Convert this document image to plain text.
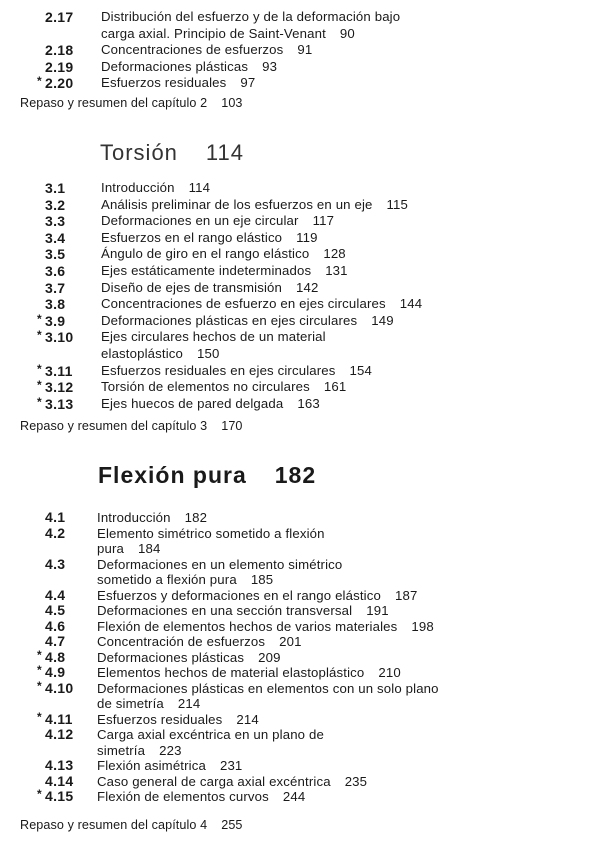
2.17 Distribución del esfuerzo y de la deformación bajo
carga axial. Principio de Saint-Venant 90
2.18 Concentraciones de esfuerzos 91
2.19 Deformaciones plásticas 93
* 2.20 Esfuerzos residuales 97
Repaso y resumen del capítulo 2 103
Torsión 114
3.1	Introducción 114
3.2	Análisis preliminar de los esfuerzos en un eje 115
3.3	Deformaciones en un eje circular 117
3.4	Esfuerzos en el rango elástico 119
3.5	Ángulo de giro en el rango elástico 128
3.6	Ejes estáticamente indeterminados 131
3.7	Diseño de ejes de transmisión 142
3.8	Concentraciones de esfuerzo en ejes circulares 144
* 3.9	Deformaciones plásticas en ejes circulares 149
* 3.10 Ejes circulares hechos de un material
elastoplástico 150
* 3.11 Esfuerzos residuales en ejes circulares 154
* 3.12 Torsión de elementos no circulares 161
* 3.13 Ejes huecos de pared delgada 163
Repaso y resumen del capítulo 3 170
Flexión pura 182
4.1 Introducción 182
4.2 Elemento simétrico sometido a flexión
pura 184
4.3 Deformaciones en un elemento simétrico
sometido a flexión pura 185
4.4 Esfuerzos y deformaciones en el rango elástico 187
4.5 Deformaciones en una sección transversal 191
4.6 Flexión de elementos hechos de varios materiales 198
4.7 Concentración de esfuerzos 201
* 4.8 Deformaciones plásticas 209
* 4.9 Elementos hechos de material elastoplástico 210
* 4.10 Deformaciones plásticas en elementos con un solo plano
de simetría 214
* 4.11 Esfuerzos residuales 214
4.12 Carga axial excéntrica en un plano de
simetría 223
4.13 Flexión asimétrica 231
4.14 Caso general de carga axial excéntrica 235
* 4.15 Flexión de elementos curvos 244
Repaso y resumen del capítulo 4 255
